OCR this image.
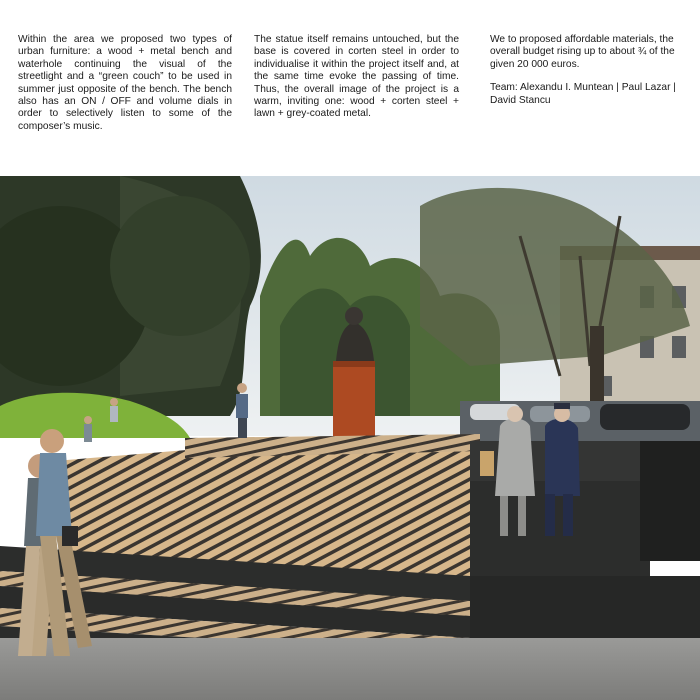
Within the area we proposed two types of urban furniture: a wood + metal bench and waterhole continuing the visual of the streetlight and a “green couch” to be used in summer just opposite of the bench. The bench also has an ON / OFF and volume dials in order to selectively listen to some of the composer’s music.

The statue itself remains untouched, but the base is covered in corten steel in order to individualise it within the project itself and, at the same time evoke the passing of time. Thus, the overall image of the project is a warm, inviting one: wood + corten steel + lawn + grey-coated metal.

We to proposed affordable materials, the overall budget rising up to about ¾ of the given 20 000 euros.

Team: Alexandu I. Muntean | Paul Lazar | David Stancu
